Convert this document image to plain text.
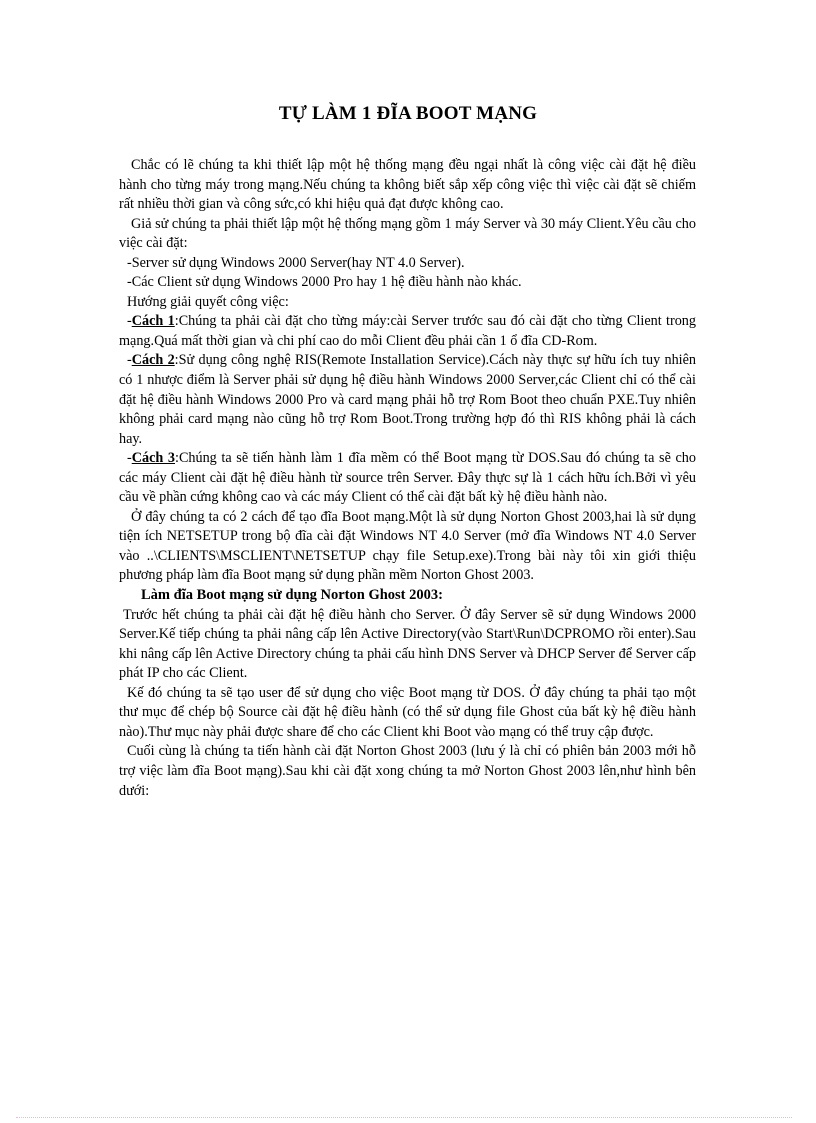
TỰ LÀM 1 ĐĨA BOOT MẠNG

Chắc có lẽ chúng ta khi thiết lập một hệ thống mạng đều ngại nhất là công việc cài đặt hệ điều hành cho từng máy trong mạng.Nếu chúng ta không biết sắp xếp công việc thì việc cài đặt sẽ chiếm rất nhiều thời gian và công sức,có khi hiệu quả đạt được không cao.

Giả sử chúng ta phải thiết lập một hệ thống mạng gồm 1 máy Server và 30 máy Client.Yêu cầu cho việc cài đặt:

-Server sử dụng Windows 2000 Server(hay NT 4.0 Server).

-Các Client sử dụng Windows 2000 Pro hay 1 hệ điều hành nào khác.

Hướng giải quyết công việc:

-Cách 1:Chúng ta phải cài đặt cho từng máy:cài Server trước sau đó cài đặt cho từng Client trong mạng.Quá mất thời gian và chi phí cao do mỗi Client đều phải cần 1 ổ đĩa CD-Rom.

-Cách 2:Sử dụng công nghệ RIS(Remote Installation Service).Cách này thực sự hữu ích tuy nhiên có 1 nhược điểm là Server phải sử dụng hệ điều hành Windows 2000 Server,các Client chỉ có thể cài đặt hệ điều hành Windows 2000 Pro và card mạng phải hỗ trợ Rom Boot theo chuẩn PXE.Tuy nhiên không phải card mạng nào cũng hỗ trợ Rom Boot.Trong trường hợp đó thì RIS không phải là cách hay.

-Cách 3:Chúng ta sẽ tiến hành làm 1 đĩa mềm có thể Boot mạng từ DOS.Sau đó chúng ta sẽ cho các máy Client cài đặt hệ điều hành từ source trên Server. Đây thực sự là 1 cách hữu ích.Bởi vì yêu cầu về phần cứng không cao và các máy Client có thể cài đặt bất kỳ hệ điều hành nào.

Ở đây chúng ta có 2 cách để tạo đĩa Boot mạng.Một là sử dụng Norton Ghost 2003,hai là sử dụng tiện ích NETSETUP trong bộ đĩa cài đặt Windows NT 4.0 Server (mở đĩa Windows NT 4.0 Server vào ..\CLIENTS\MSCLIENT\NETSETUP chạy file Setup.exe).Trong bài này tôi xin giới thiệu phương pháp làm đĩa Boot mạng sử dụng phần mềm Norton Ghost 2003.

Làm đĩa Boot mạng sử dụng Norton Ghost 2003:

Trước hết chúng ta phải cài đặt hệ điều hành cho Server. Ở đây Server sẽ sử dụng Windows 2000 Server.Kế tiếp chúng ta phải nâng cấp lên Active Directory(vào Start\Run\DCPROMO rồi enter).Sau khi nâng cấp lên Active Directory chúng ta phải cấu hình DNS Server và DHCP Server để Server cấp phát IP cho các Client.

Kế đó chúng ta sẽ tạo user để sử dụng cho việc Boot mạng từ DOS. Ở đây chúng ta phải tạo một thư mục để chép bộ Source cài đặt hệ điều hành (có thể sử dụng file Ghost của bất kỳ hệ điều hành nào).Thư mục này phải được share để cho các Client khi Boot vào mạng có thể truy cập được.

Cuối cùng là chúng ta tiến hành cài đặt Norton Ghost 2003 (lưu ý là chỉ có phiên bản 2003 mới hỗ trợ việc làm đĩa Boot mạng).Sau khi cài đặt xong chúng ta mở Norton Ghost 2003 lên,như hình bên dưới:
